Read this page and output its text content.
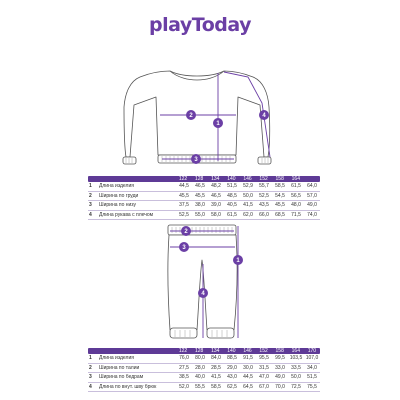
playToday
1
2
3
4
122	128	134	140	146	152	158	164
1	Длина изделия	44,5	46,5	48,2	51,5	52,9	55,7	58,5	61,5	64,0
2	Ширина по груди	45,5	45,5	46,5	48,5	50,0	52,5	54,5	56,5	57,0
3	Ширина по низу	37,5	38,0	39,0	40,5	41,5	43,5	45,5	48,0	49,0
4	Длина рукава с плечом	52,5	55,0	58,0	61,5	62,0	66,0	68,5	71,5	74,0
1
2
3
4
122	128	134	140	146	152	158	164	170
1	Длина изделия	76,0	80,0	84,0	88,5	91,5	95,5	99,5 103,5 107,0
2	Ширина по талии	27,5	28,0	28,5	29,0	30,0	31,5	33,0	33,5	34,0
3	Ширина по бедрам	38,5	40,0	41,5	43,0	44,5	47,0	49,0	50,0	51,5
4	Длина по внут. шву брюк	52,0	55,5	58,5	62,5	64,5	67,0	70,0	72,5	75,5
